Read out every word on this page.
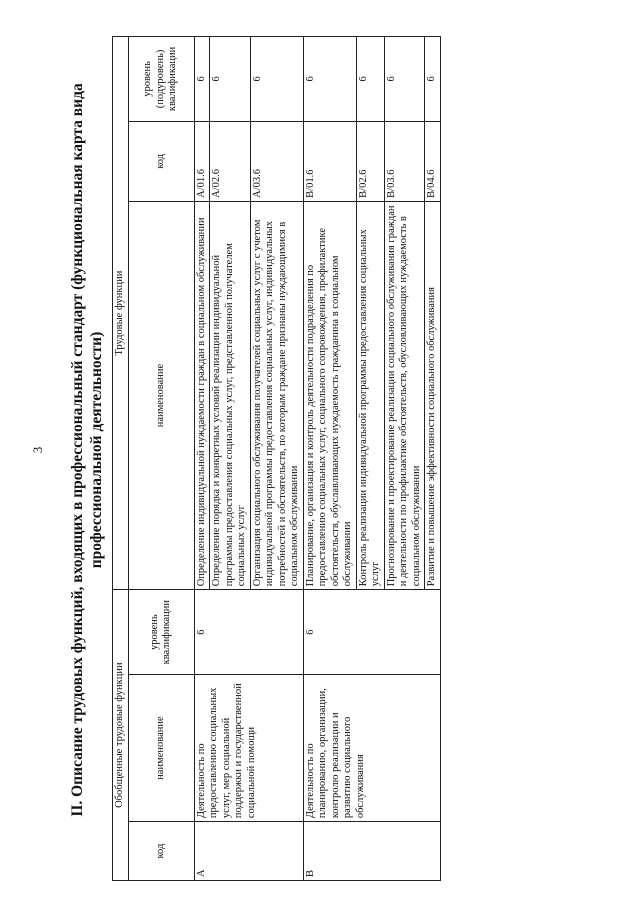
3 II. Описание трудовых функций, входящих в профессиональный стандарт (функциональная карта вида профессиональной деятельности)
Обобщенные трудовые функции			Трудовые функции		
код	наименование	уровень квалификации	наименование	код	уровень (подуровень) квалификации
A	Деятельность по предоставлению социальных услуг, мер социальной поддержки и государственной социальной помощи	6	Определение индивидуальной нуждаемости граждан в социальном обслуживании	A/01.6	6
			Определение порядка и конкретных условий реализации индивидуальной программы предоставления социальных услуг, представленной получателем социальных услуг	A/02.6	6
			Организация социального обслуживания получателей социальных услуг с учетом индивидуальной программы предоставления социальных услуг, индивидуальных потребностей и обстоятельств, по которым граждане признаны нуждающимися в социальном обслуживании	A/03.6	6
B	Деятельность по планированию, организации, контролю реализации и развитию социального обслуживания	6	Планирование, организация и контроль деятельности подразделения по предоставлению социальных услуг, социального сопровождения, профилактике обстоятельств, обуславливающих нуждаемость гражданина в социальном обслуживании	B/01.6	6
			Контроль реализации индивидуальной программы предоставления социальных услуг	B/02.6	6
			Прогнозирование и проектирование реализации социального обслуживания граждан и деятельности по профилактике обстоятельств, обусловливающих нуждаемость в социальном обслуживании	B/03.6	6
			Развитие и повышение эффективности социального обслуживания	B/04.6	6
